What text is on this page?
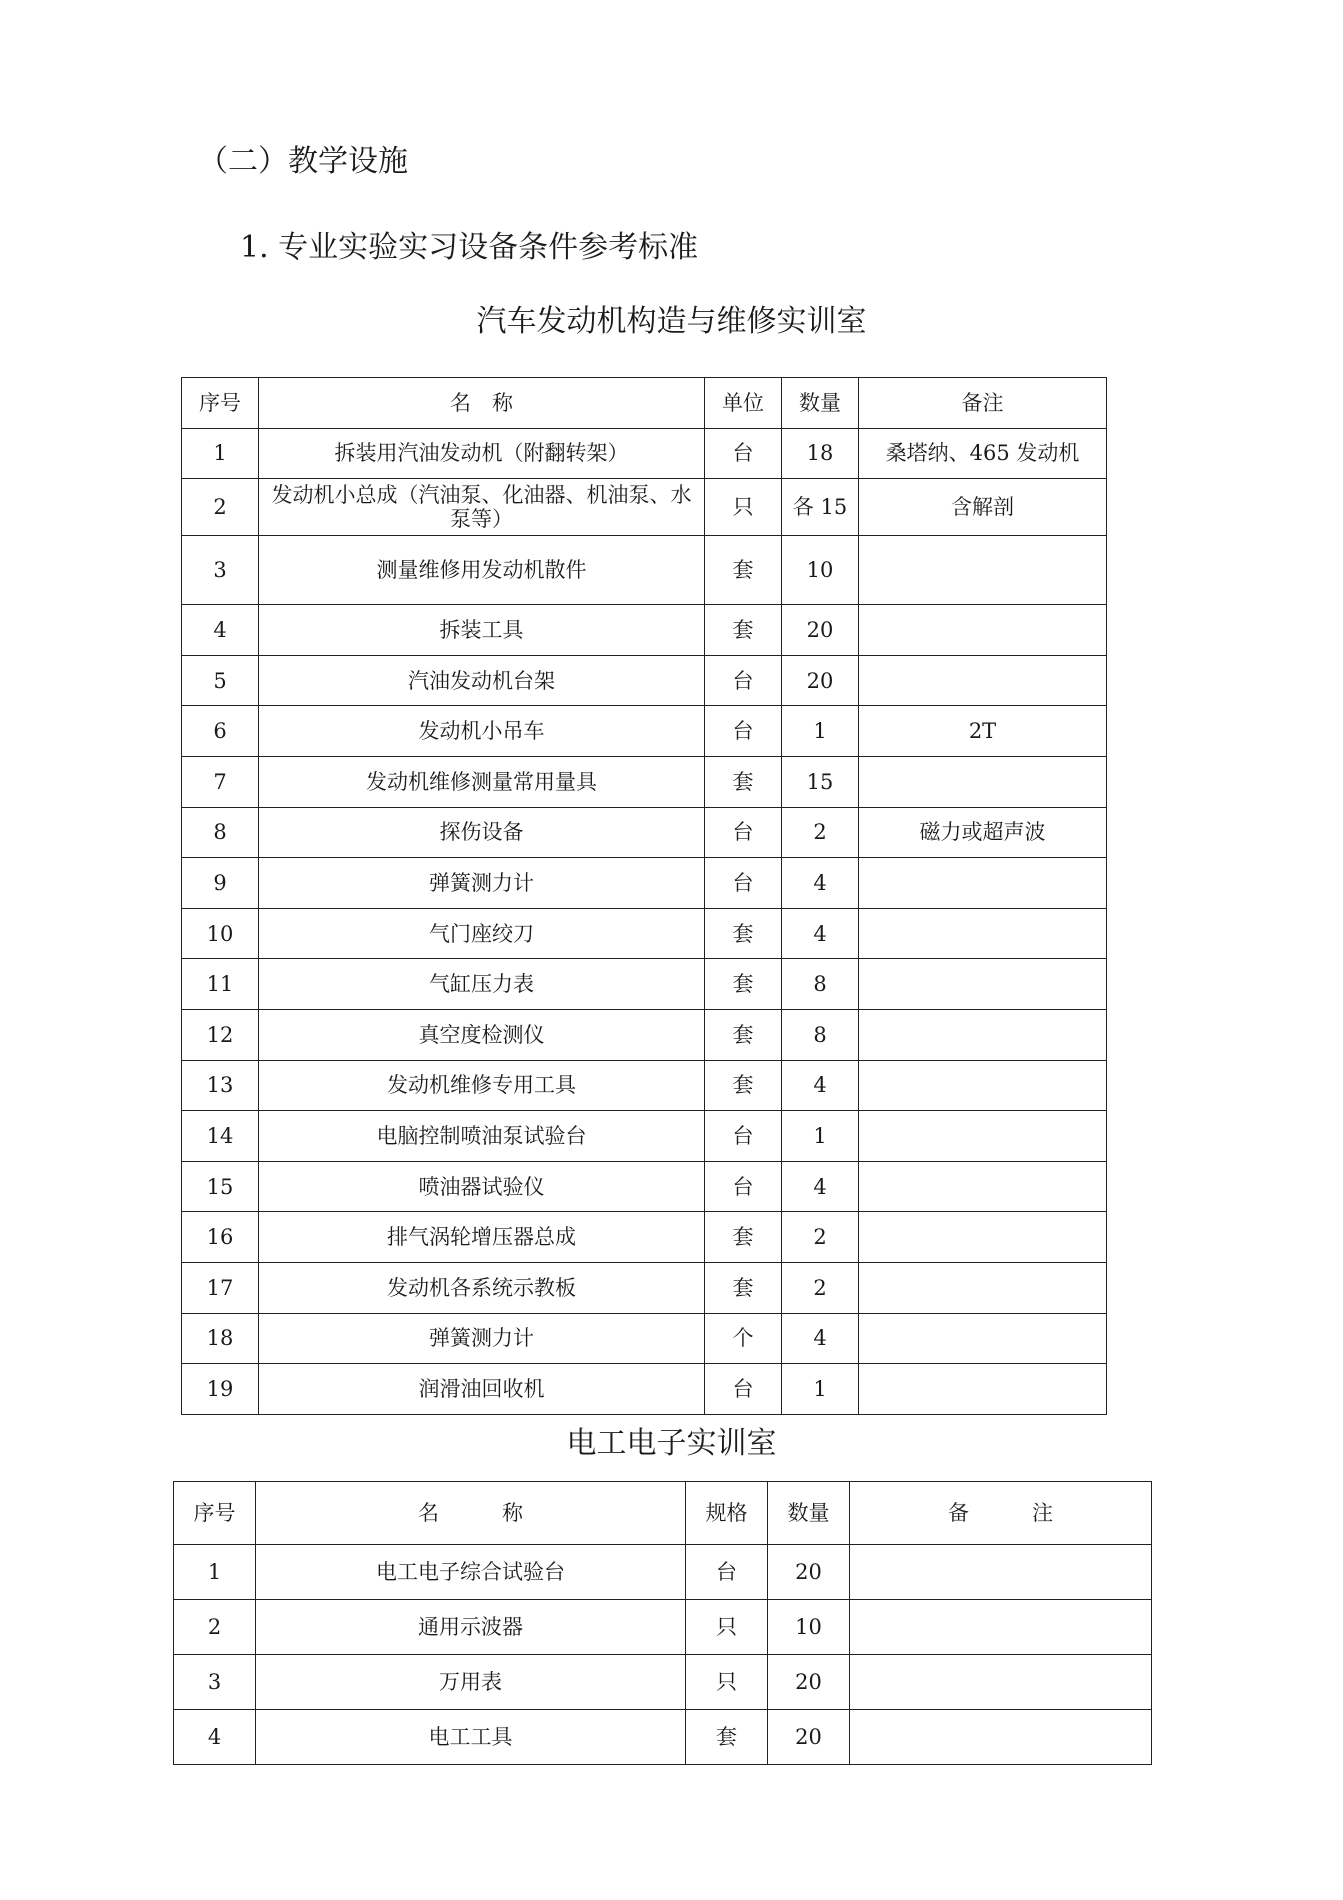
（二）教学设施
1. 专业实验实习设备条件参考标准
汽车发动机构造与维修实训室
序号	名　称	单位	数量	备注
1	拆装用汽油发动机（附翻转架）	台	18	桑塔纳、465 发动机
2	发动机小总成（汽油泵、化油器、机油泵、水泵等）	只	各 15	含解剖
3	测量维修用发动机散件	套	10	
4	拆装工具	套	20	
5	汽油发动机台架	台	20	
6	发动机小吊车	台	1	2T
7	发动机维修测量常用量具	套	15	
8	探伤设备	台	2	磁力或超声波
9	弹簧测力计	台	4	
10	气门座绞刀	套	4	
11	气缸压力表	套	8	
12	真空度检测仪	套	8	
13	发动机维修专用工具	套	4	
14	电脑控制喷油泵试验台	台	1	
15	喷油器试验仪	台	4	
16	排气涡轮增压器总成	套	2	
17	发动机各系统示教板	套	2	
18	弹簧测力计	个	4	
19	润滑油回收机	台	1	
电工电子实训室
序号	名　　　称	规格	数量	备　　　注
1	电工电子综合试验台	台	20	
2	通用示波器	只	10	
3	万用表	只	20	
4	电工工具	套	20	
